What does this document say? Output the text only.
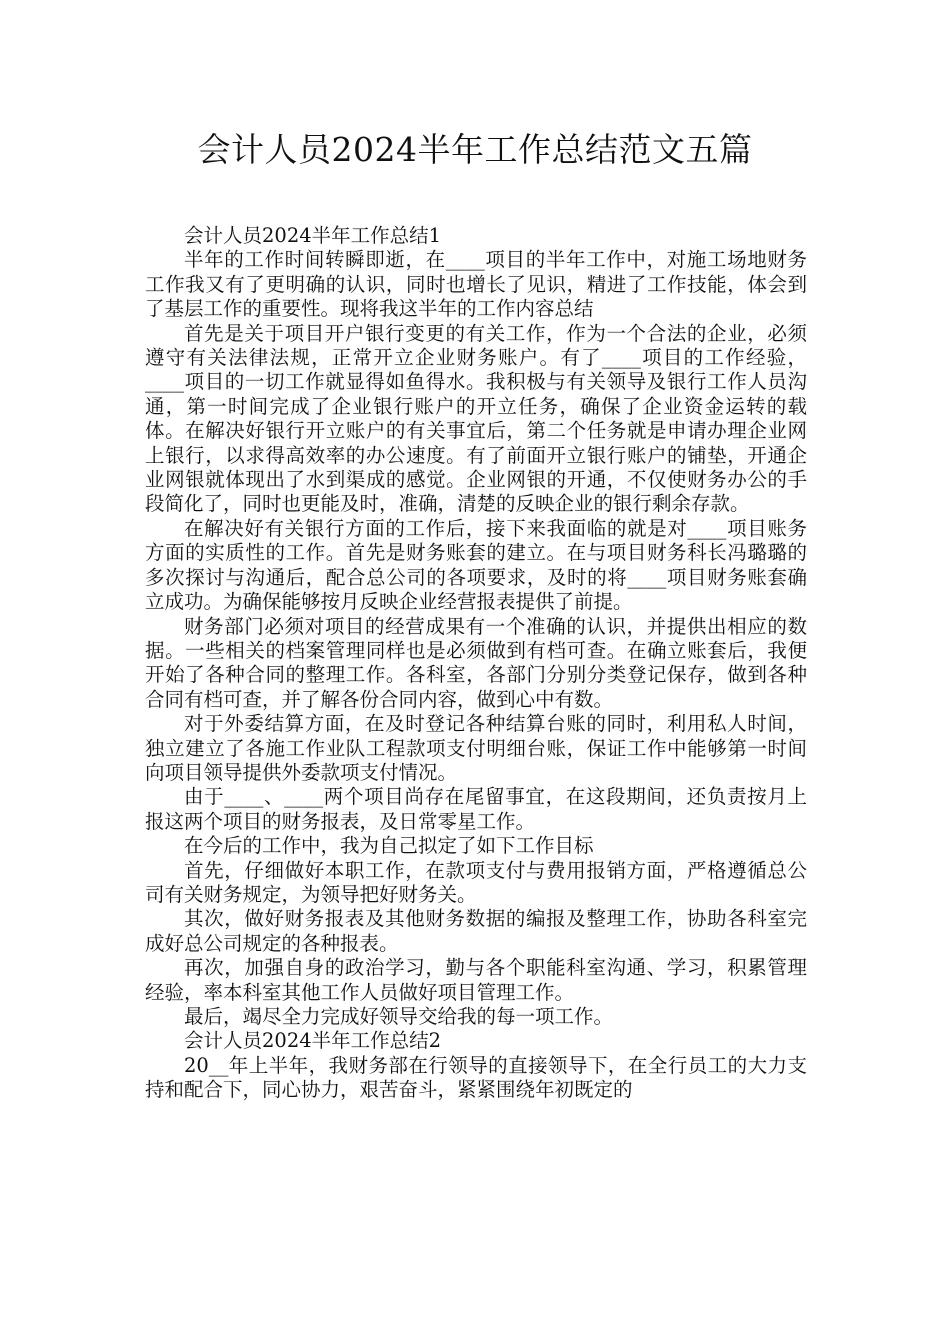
会计人员2024半年工作总结范文五篇

会计人员2024半年工作总结1

半年的工作时间转瞬即逝，在____项目的半年工作中，对施工场地财务工作我又有了更明确的认识，同时也增长了见识，精进了工作技能，体会到了基层工作的重要性。现将我这半年的工作内容总结

首先是关于项目开户银行变更的有关工作，作为一个合法的企业，必须遵守有关法律法规，正常开立企业财务账户。有了____项目的工作经验，____项目的一切工作就显得如鱼得水。我积极与有关领导及银行工作人员沟通，第一时间完成了企业银行账户的开立任务，确保了企业资金运转的载体。在解决好银行开立账户的有关事宜后，第二个任务就是申请办理企业网上银行，以求得高效率的办公速度。有了前面开立银行账户的铺垫，开通企业网银就体现出了水到渠成的感觉。企业网银的开通，不仅使财务办公的手段简化了，同时也更能及时，准确，清楚的反映企业的银行剩余存款。

在解决好有关银行方面的工作后，接下来我面临的就是对____项目账务方面的实质性的工作。首先是财务账套的建立。在与项目财务科长冯璐璐的多次探讨与沟通后，配合总公司的各项要求，及时的将____项目财务账套确立成功。为确保能够按月反映企业经营报表提供了前提。

财务部门必须对项目的经营成果有一个准确的认识，并提供出相应的数据。一些相关的档案管理同样也是必须做到有档可查。在确立账套后，我便开始了各种合同的整理工作。各科室，各部门分别分类登记保存，做到各种合同有档可查，并了解各份合同内容，做到心中有数。

对于外委结算方面，在及时登记各种结算台账的同时，利用私人时间，独立建立了各施工作业队工程款项支付明细台账，保证工作中能够第一时间向项目领导提供外委款项支付情况。

由于____、____两个项目尚存在尾留事宜，在这段期间，还负责按月上报这两个项目的财务报表，及日常零星工作。

在今后的工作中，我为自己拟定了如下工作目标

首先，仔细做好本职工作，在款项支付与费用报销方面，严格遵循总公司有关财务规定，为领导把好财务关。

其次，做好财务报表及其他财务数据的编报及整理工作，协助各科室完成好总公司规定的各种报表。

再次，加强自身的政治学习，勤与各个职能科室沟通、学习，积累管理经验，率本科室其他工作人员做好项目管理工作。

最后，竭尽全力完成好领导交给我的每一项工作。

会计人员2024半年工作总结2

20__年上半年，我财务部在行领导的直接领导下，在全行员工的大力支持和配合下，同心协力，艰苦奋斗，紧紧围绕年初既定的
